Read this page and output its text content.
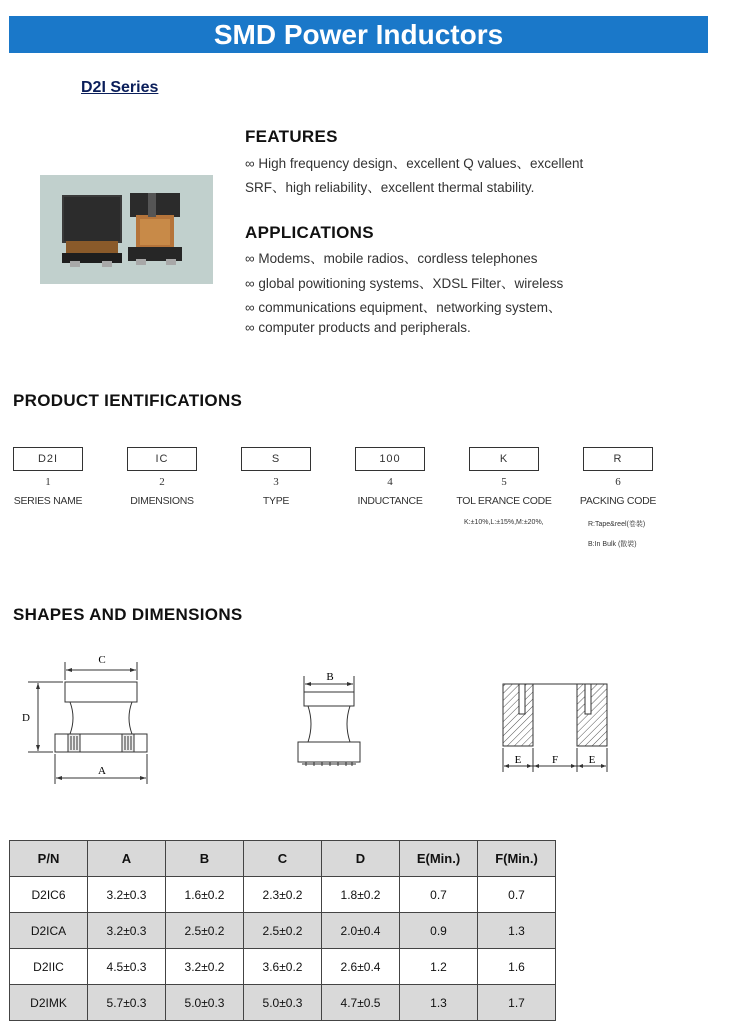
SMD Power Inductors
D2I Series
FEATURES
∞ High frequency design、excellent Q values、excellent
SRF、high reliability、excellent thermal stability.
APPLICATIONS
∞ Modems、mobile radios、cordless telephones
∞ global powitioning systems、XDSL Filter、wireless
∞ communications equipment、networking system、
∞ computer products and peripherals.
PRODUCT IENTIFICATIONS
D2I	IC	S	100	K	R
1	2	3	4	5	6
SERIES NAME	DIMENSIONS	TYPE	INDUCTANCE	TOL ERANCE CODE	PACKING CODE
K:±10%,L:±15%,M:±20%,	R:Tape&reel(卷裝)
B:In Bulk (散裝)
SHAPES AND DIMENSIONS
C
D
A
B
E	F	E
P/N	A	B	C	D	E(Min.)	F(Min.)
D2IC6	3.2±0.3	1.6±0.2	2.3±0.2	1.8±0.2	0.7	0.7
D2ICA	3.2±0.3	2.5±0.2	2.5±0.2	2.0±0.4	0.9	1.3
D2IIC	4.5±0.3	3.2±0.2	3.6±0.2	2.6±0.4	1.2	1.6
D2IMK	5.7±0.3	5.0±0.3	5.0±0.3	4.7±0.5	1.3	1.7
